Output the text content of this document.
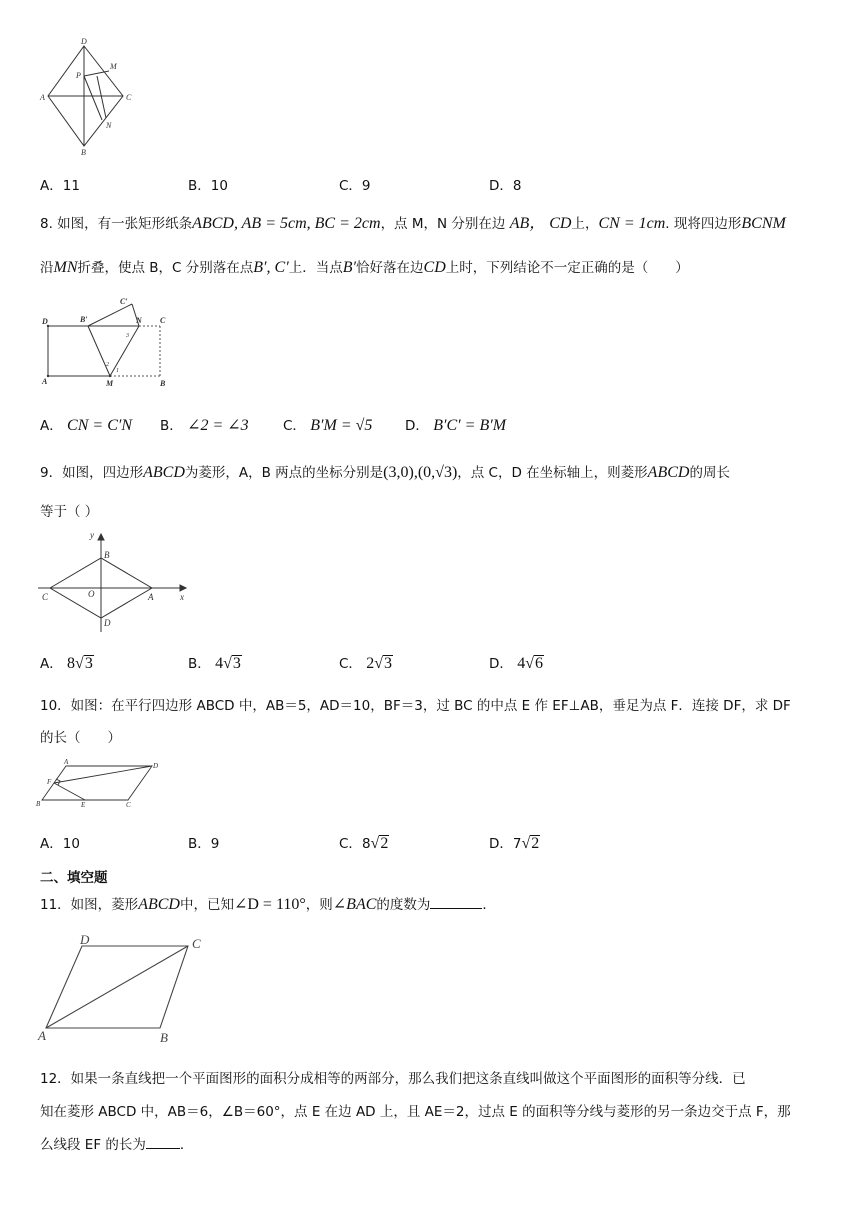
D
M
P
A	C
N
B
A．11	B．10	C．9	D．8
8. 如图，有一张矩形纸条ABCD, AB = 5cm, BC = 2cm，点 M，N 分别在边 AB， CD上，CN = 1cm. 现将四边形BCNM
沿MN折叠，使点 B，C 分别落在点B′, C′上．当点B′恰好落在边CD上时，下列结论不一定正确的是（　　）
C′
D	B′	N C
3
2
1
A	M	B
A． CN = C′N B． ∠2 = ∠3	C． B′M = √5 D． B′C′ = B′M
9．如图，四边形ABCD为菱形，A，B 两点的坐标分别是(3,0),(0,√3)，点 C，D 在坐标轴上，则菱形ABCD的周长
等于（ ）
y
B
C	O	A	x
D
A． 8√3	B． 4√3	C． 2√3	D． 4√6
10．如图：在平行四边形 ABCD 中，AB＝5，AD＝10，BF＝3，过 BC 的中点 E 作 EF⊥AB，垂足为点 F．连接 DF，求 DF
的长（　　）
A	D
F
B	E	C
A．10	B．9	C．8√2	D．7√2
二、填空题
11．如图，菱形ABCD中，已知∠D = 110°，则∠BAC的度数为	．
D	C
A	B
12．如果一条直线把一个平面图形的面积分成相等的两部分，那么我们把这条直线叫做这个平面图形的面积等分线．已
知在菱形 ABCD 中，AB＝6，∠B＝60°，点 E 在边 AD 上，且 AE＝2，过点 E 的面积等分线与菱形的另一条边交于点 F，那
么线段 EF 的长为	．
